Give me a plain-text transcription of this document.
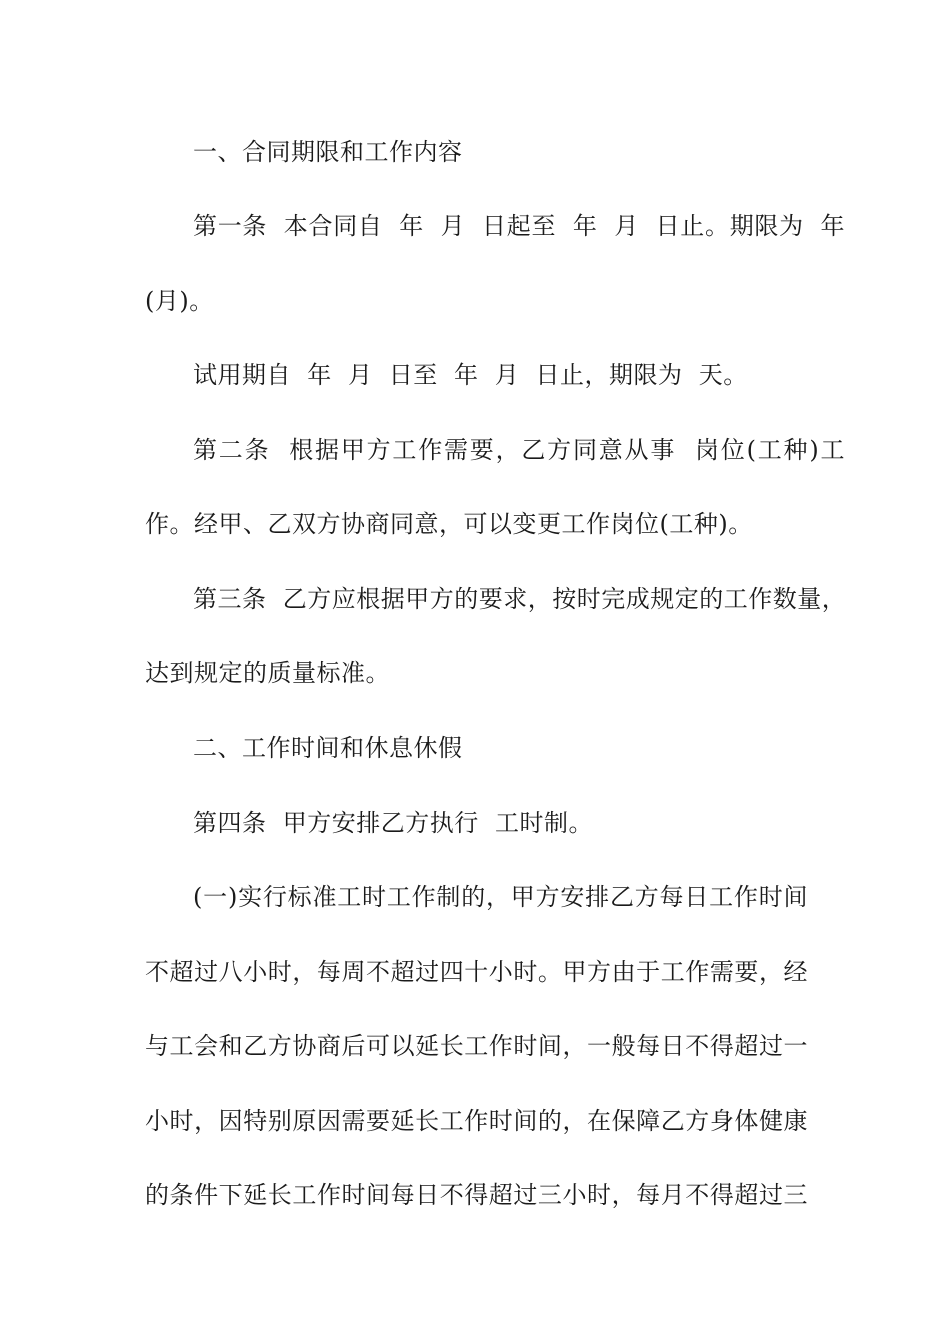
一、合同期限和工作内容
第一条  本合同自  年  月  日起至  年  月  日止。期限为  年
(月)。
试用期自  年  月  日至  年  月  日止，期限为  天。
第二条  根据甲方工作需要，乙方同意从事  岗位(工种)工
作。经甲、乙双方协商同意，可以变更工作岗位(工种)。
第三条  乙方应根据甲方的要求，按时完成规定的工作数量，
达到规定的质量标准。
二、工作时间和休息休假
第四条  甲方安排乙方执行  工时制。
(一)实行标准工时工作制的，甲方安排乙方每日工作时间
不超过八小时，每周不超过四十小时。甲方由于工作需要，经
与工会和乙方协商后可以延长工作时间，一般每日不得超过一
小时，因特别原因需要延长工作时间的，在保障乙方身体健康
的条件下延长工作时间每日不得超过三小时，每月不得超过三
